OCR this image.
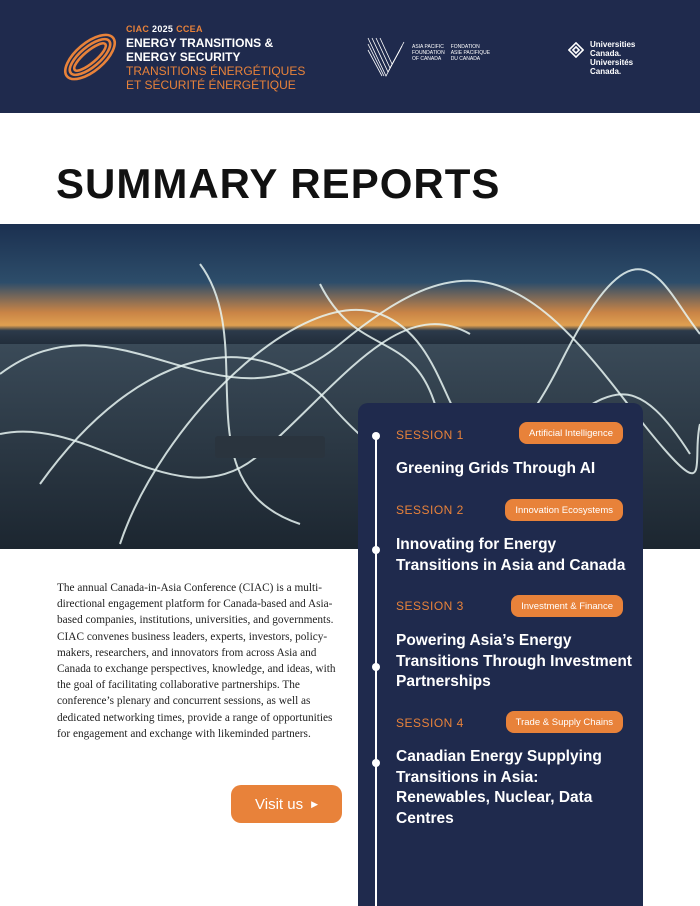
CIAC 2025 CCEA
ENERGY TRANSITIONS &
ENERGY SECURITY
TRANSITIONS ÉNERGÉTIQUES
ET SÉCURITÉ ÉNERGÉTIQUE
ASIA PACIFIC
FOUNDATION
OF CANADA
FONDATION
ASIE PACIFIQUE
DU CANADA
Universities
Canada.
Universités
Canada.
SUMMARY REPORTS

The annual Canada-in-Asia Conference (CIAC) is a multi-directional engagement platform for Canada-based and Asia-based companies, institutions, universities, and governments. CIAC convenes business leaders, experts, investors, policy-makers, researchers, and innovators from across Asia and Canada to exchange perspectives, knowledge, and ideas, with the goal of facilitating collaborative partnerships. The conference’s plenary and concurrent sessions, as well as dedicated networking times, provide a range of opportunities for engagement and exchange with likeminded partners.

Visit us ▶
SESSION 1	Artificial Intelligence
Greening Grids Through AI
SESSION 2	Innovation Ecosystems
Innovating for Energy Transitions in Asia and Canada
SESSION 3	Investment & Finance
Powering Asia’s Energy Transitions Through Investment Partnerships
SESSION 4	Trade & Supply Chains
Canadian Energy Supplying Transitions in Asia: Renewables, Nuclear, Data Centres
